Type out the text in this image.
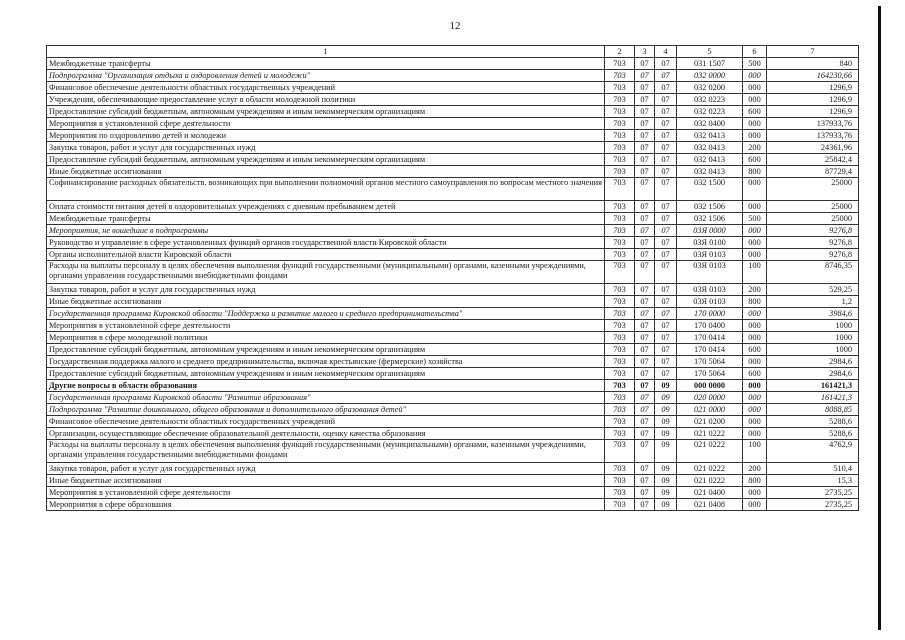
12
1	2	3	4	5	6	7
Межбюджетные трансферты	703	07	07	031 1507	500	840
Подпрограмма "Организация отдыха и оздоровления детей и молодежи"	703	07	07	032 0000	000	164230,66
Финансовое обеспечение деятельности областных государственных учреждений	703	07	07	032 0200	000	1296,9
Учреждения, обеспечивающие предоставление услуг в области молодежной политики	703	07	07	032 0223	000	1296,9
Предоставление субсидий бюджетным, автономным учреждениям и иным некоммерческим организациям	703	07	07	032 0223	600	1296,9
Мероприятия в установленной сфере деятельности	703	07	07	032 0400	000	137933,76
Мероприятия по оздоровлению детей и молодежи	703	07	07	032 0413	000	137933,76
Закупка товаров, работ и услуг для государственных нужд	703	07	07	032 0413	200	24361,96
Предоставление субсидий бюджетным, автономным учреждениям и иным некоммерческим организациям	703	07	07	032 0413	600	25842,4
Иные бюджетные ассигнования	703	07	07	032 0413	800	87729,4
Софинансирование расходных обязательств, возникающих при выполнении полномочий органов местного самоуправления по вопросам местного значения	703	07	07	032 1500	000	25000
Оплата стоимости питания детей в оздоровительных учреждениях с дневным пребыванием детей	703	07	07	032 1506	000	25000
Межбюджетные трансферты	703	07	07	032 1506	500	25000
Мероприятия, не вошедшие в подпрограммы	703	07	07	03Я 0000	000	9276,8
Руководство и управление в сфере установленных функций органов государственной власти Кировской области	703	07	07	03Я 0100	000	9276,8
Органы исполнительной власти Кировской области	703	07	07	03Я 0103	000	9276,8
Расходы на выплаты персоналу в целях обеспечения выполнения функций государственными (муниципальными) органами, казенными учреждениями, органами управления государственными внебюджетными фондами	703	07	07	03Я 0103	100	8746,35
Закупка товаров, работ и услуг для государственных нужд	703	07	07	03Я 0103	200	529,25
Иные бюджетные ассигнования	703	07	07	03Я 0103	800	1,2
Государственная программа Кировской области "Поддержка и развитие малого и среднего предпринимательства"	703	07	07	170 0000	000	3984,6
Мероприятия в установленной сфере деятельности	703	07	07	170 0400	000	1000
Мероприятия в сфере молодежной политики	703	07	07	170 0414	000	1000
Предоставление субсидий бюджетным, автономным учреждениям и иным некоммерческим организациям	703	07	07	170 0414	600	1000
Государственная поддержка малого и среднего предпринимательства, включая крестьянские (фермерские) хозяйства	703	07	07	170 5064	000	2984,6
Предоставление субсидий бюджетным, автономным учреждениям и иным некоммерческим организациям	703	07	07	170 5064	600	2984,6
Другие вопросы в области образования	703	07	09	000 0000	000	161421,3
Государственная программа Кировской области "Развитие образования"	703	07	09	020 0000	000	161421,3
Подпрограмма "Развитие дошкольного, общего образования и дополнительного образования детей"	703	07	09	021 0000	000	8088,85
Финансовое обеспечение деятельности областных государственных учреждений	703	07	09	021 0200	000	5288,6
Организации, осуществляющие обеспечение образовательной деятельности, оценку качества образования	703	07	09	021 0222	000	5288,6
Расходы на выплаты персоналу в целях обеспечения выполнения функций государственными (муниципальными) органами, казенными учреждениями, органами управления государственными внебюджетными фондами	703	07	09	021 0222	100	4762,9
Закупка товаров, работ и услуг для государственных нужд	703	07	09	021 0222	200	510,4
Иные бюджетные ассигнования	703	07	09	021 0222	800	15,3
Мероприятия в установленной сфере деятельности	703	07	09	021 0400	000	2735,25
Мероприятия в сфере образования	703	07	09	021 0408	000	2735,25
